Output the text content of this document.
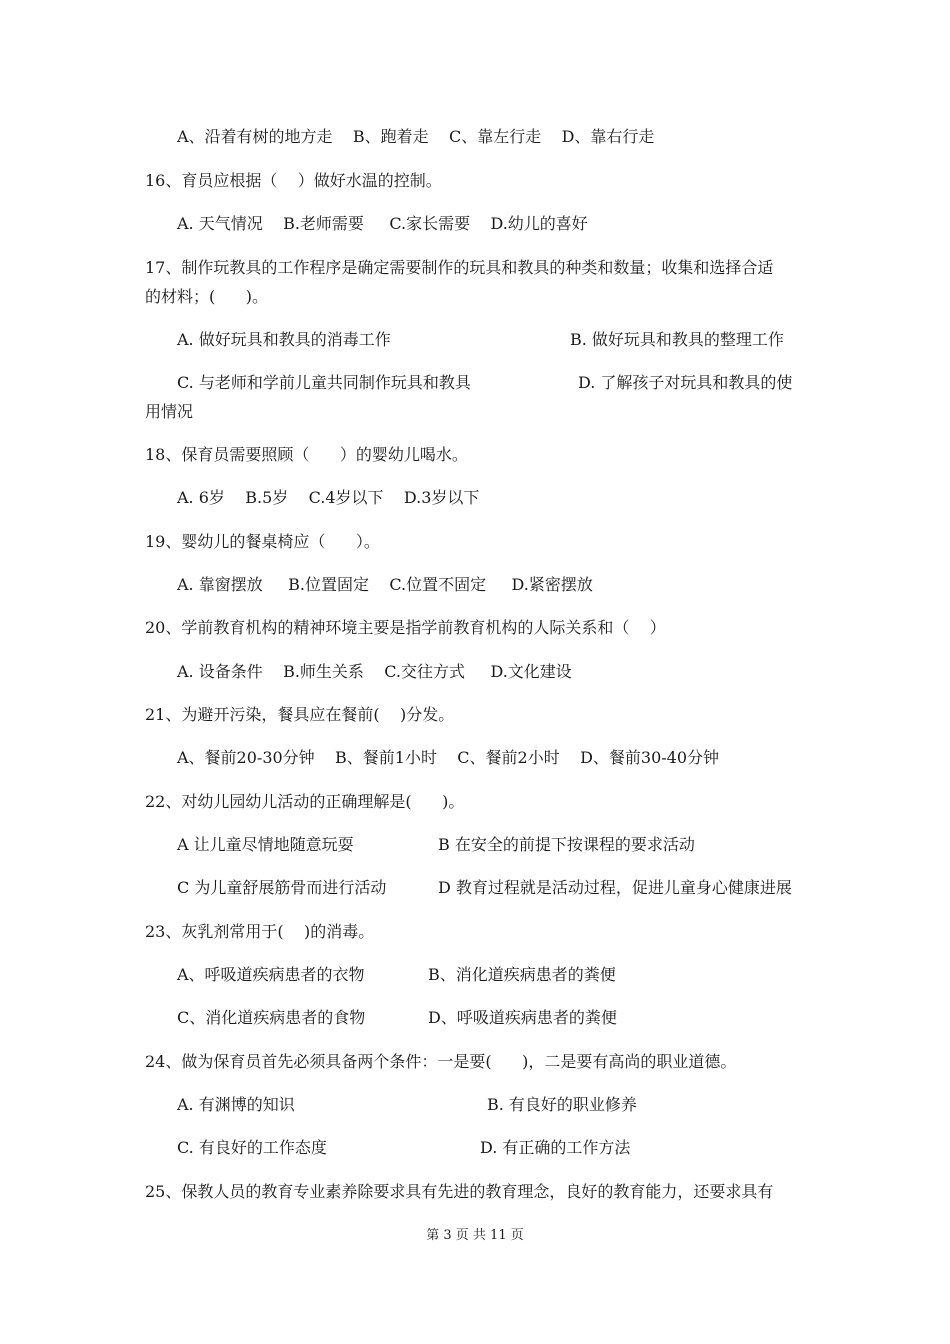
A、沿着有树的地方走    B、跑着走    C、靠左行走    D、靠右行走
16、育员应根据（    ）做好水温的控制。
A. 天气情况    B.老师需要     C.家长需要    D.幼儿的喜好
17、制作玩教具的工作程序是确定需要制作的玩具和教具的种类和数量；收集和选择合适
的材料；(      )。
A. 做好玩具和教具的消毒工作	B. 做好玩具和教具的整理工作
C. 与老师和学前儿童共同制作玩具和教具	D. 了解孩子对玩具和教具的使
用情况
18、保育员需要照顾（      ）的婴幼儿喝水。
A. 6岁    B.5岁    C.4岁以下    D.3岁以下
19、婴幼儿的餐桌椅应（      ）。
A. 靠窗摆放     B.位置固定    C.位置不固定     D.紧密摆放
20、学前教育机构的精神环境主要是指学前教育机构的人际关系和（    ）
A. 设备条件    B.师生关系    C.交往方式     D.文化建设
21、为避开污染，餐具应在餐前(    )分发。
A、餐前20-30分钟    B、餐前1小时    C、餐前2小时    D、餐前30-40分钟
22、对幼儿园幼儿活动的正确理解是(      )。
A 让儿童尽情地随意玩耍	B 在安全的前提下按课程的要求活动
C 为儿童舒展筋骨而进行活动	D 教育过程就是活动过程，促进儿童身心健康进展
23、灰乳剂常用于(    )的消毒。
A、呼吸道疾病患者的衣物	B、消化道疾病患者的粪便
C、消化道疾病患者的食物	D、呼吸道疾病患者的粪便
24、做为保育员首先必须具备两个条件：一是要(      )，二是要有高尚的职业道德。
A. 有渊博的知识	B. 有良好的职业修养
C. 有良好的工作态度	D. 有正确的工作方法
25、保教人员的教育专业素养除要求具有先进的教育理念，良好的教育能力，还要求具有
第 3 页 共 11 页
